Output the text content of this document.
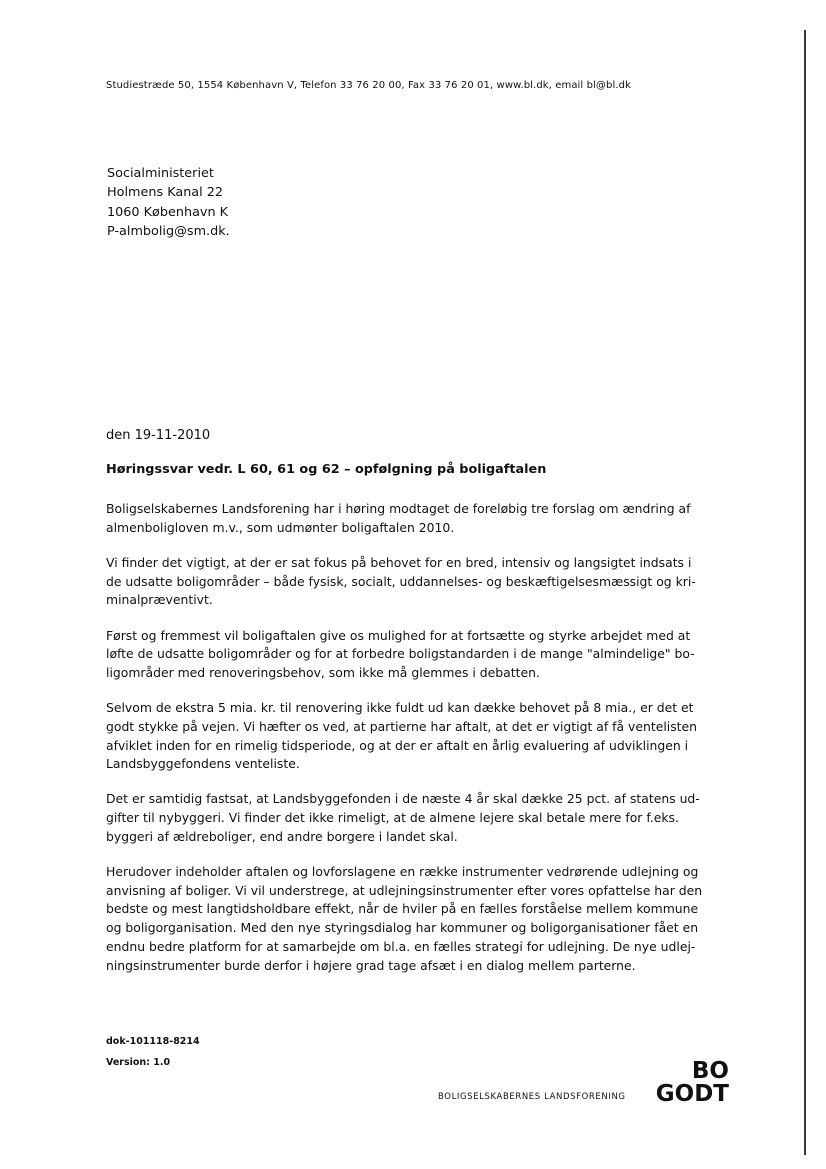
Studiestræde 50, 1554 København V, Telefon 33 76 20 00, Fax 33 76 20 01, www.bl.dk, email bl@bl.dk
Socialministeriet
Holmens Kanal 22
1060 København K
P-almbolig@sm.dk.
den 19-11-2010
Høringssvar vedr. L 60, 61 og 62 – opfølgning på boligaftalen

Boligselskabernes Landsforening har i høring modtaget de foreløbig tre forslag om ændring af
almenboligloven m.v., som udmønter boligaftalen 2010.

Vi finder det vigtigt, at der er sat fokus på behovet for en bred, intensiv og langsigtet indsats i
de udsatte boligområder – både fysisk, socialt, uddannelses- og beskæftigelsesmæssigt og kri-
minalpræventivt.

Først og fremmest vil boligaftalen give os mulighed for at fortsætte og styrke arbejdet med at
løfte de udsatte boligområder og for at forbedre boligstandarden i de mange "almindelige" bo-
ligområder med renoveringsbehov, som ikke må glemmes i debatten.

Selvom de ekstra 5 mia. kr. til renovering ikke fuldt ud kan dække behovet på 8 mia., er det et
godt stykke på vejen. Vi hæfter os ved, at partierne har aftalt, at det er vigtigt af få ventelisten
afviklet inden for en rimelig tidsperiode, og at der er aftalt en årlig evaluering af udviklingen i
Landsbyggefondens venteliste.

Det er samtidig fastsat, at Landsbyggefonden i de næste 4 år skal dække 25 pct. af statens ud-
gifter til nybyggeri. Vi finder det ikke rimeligt, at de almene lejere skal betale mere for f.eks.
byggeri af ældreboliger, end andre borgere i landet skal.

Herudover indeholder aftalen og lovforslagene en række instrumenter vedrørende udlejning og
anvisning af boliger. Vi vil understrege, at udlejningsinstrumenter efter vores opfattelse har den
bedste og mest langtidsholdbare effekt, når de hviler på en fælles forståelse mellem kommune
og boligorganisation. Med den nye styringsdialog har kommuner og boligorganisationer fået en
endnu bedre platform for at samarbejde om bl.a. en fælles strategi for udlejning. De nye udlej-
ningsinstrumenter burde derfor i højere grad tage afsæt i en dialog mellem parterne.

dok-101118-8214
Version: 1.0
BOLIGSELSKABERNES LANDSFORENING
BO
GODT
